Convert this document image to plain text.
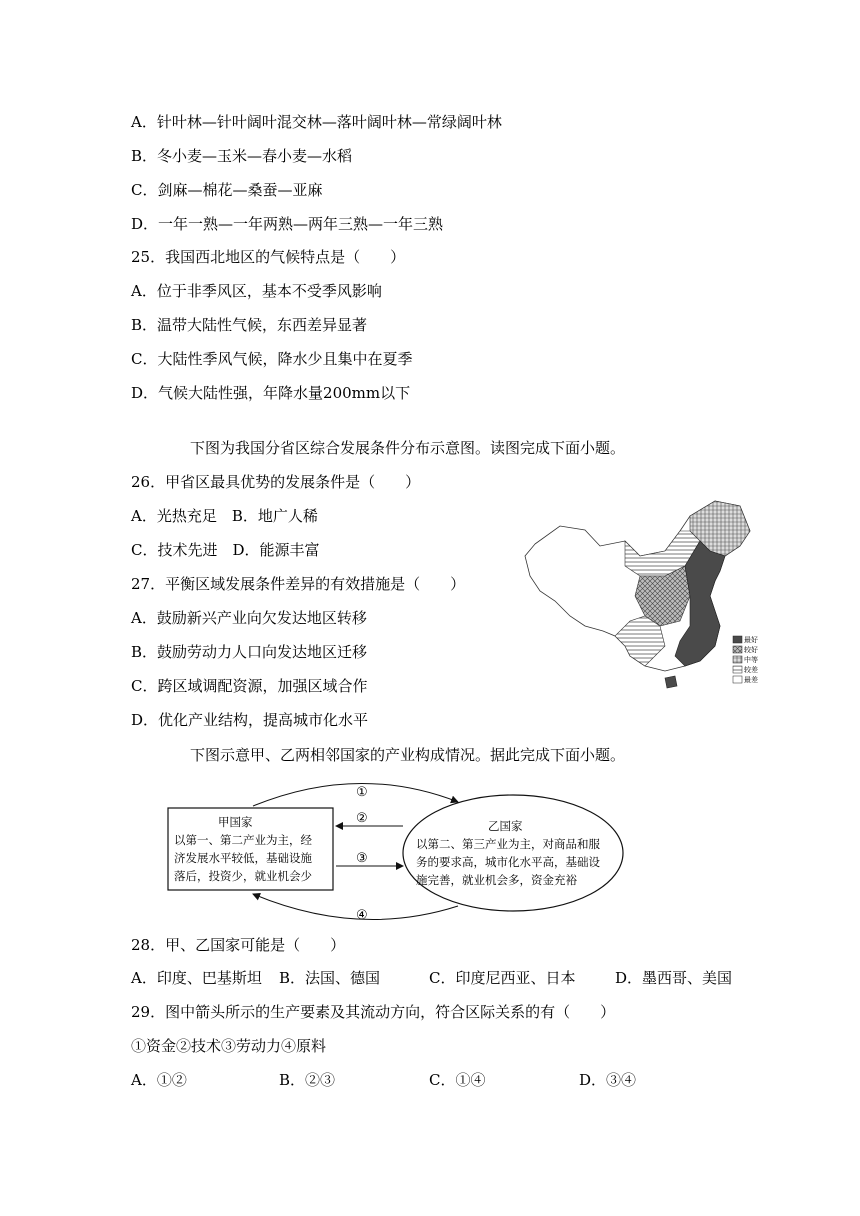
A．针叶林—针叶阔叶混交林—落叶阔叶林—常绿阔叶林
B．冬小麦—玉米—春小麦—水稻
C．剑麻—棉花—桑蚕—亚麻
D．一年一熟—一年两熟—两年三熟—一年三熟
25．我国西北地区的气候特点是（　　）
A．位于非季风区，基本不受季风影响
B．温带大陆性气候，东西差异显著
C．大陆性季风气候，降水少且集中在夏季
D．气候大陆性强，年降水量200mm以下
下图为我国分省区综合发展条件分布示意图。读图完成下面小题。
26．甲省区最具优势的发展条件是（　　）
A．光热充足　B．地广人稀
C．技术先进　D．能源丰富
27．平衡区域发展条件差异的有效措施是（　　）
A．鼓励新兴产业向欠发达地区转移
B．鼓励劳动力人口向发达地区迁移
C．跨区域调配资源，加强区域合作
D．优化产业结构，提高城市化水平
最好
较好
中等
较差
最差
下图示意甲、乙两相邻国家的产业构成情况。据此完成下面小题。
甲国家
以第一、第二产业为主，经
济发展水平较低，基础设施
落后，投资少，就业机会少
乙国家
以第二、第三产业为主，对商品和服
务的要求高，城市化水平高，基础设
施完善，就业机会多，资金充裕
①
②
③
④
28．甲、乙国家可能是（　　）
A．印度、巴基斯坦 B．法国、德国	C．印度尼西亚、日本	D．墨西哥、美国
29．图中箭头所示的生产要素及其流动方向，符合区际关系的有（　　）
①资金②技术③劳动力④原料
A．①②	B．②③	C．①④	D．③④
